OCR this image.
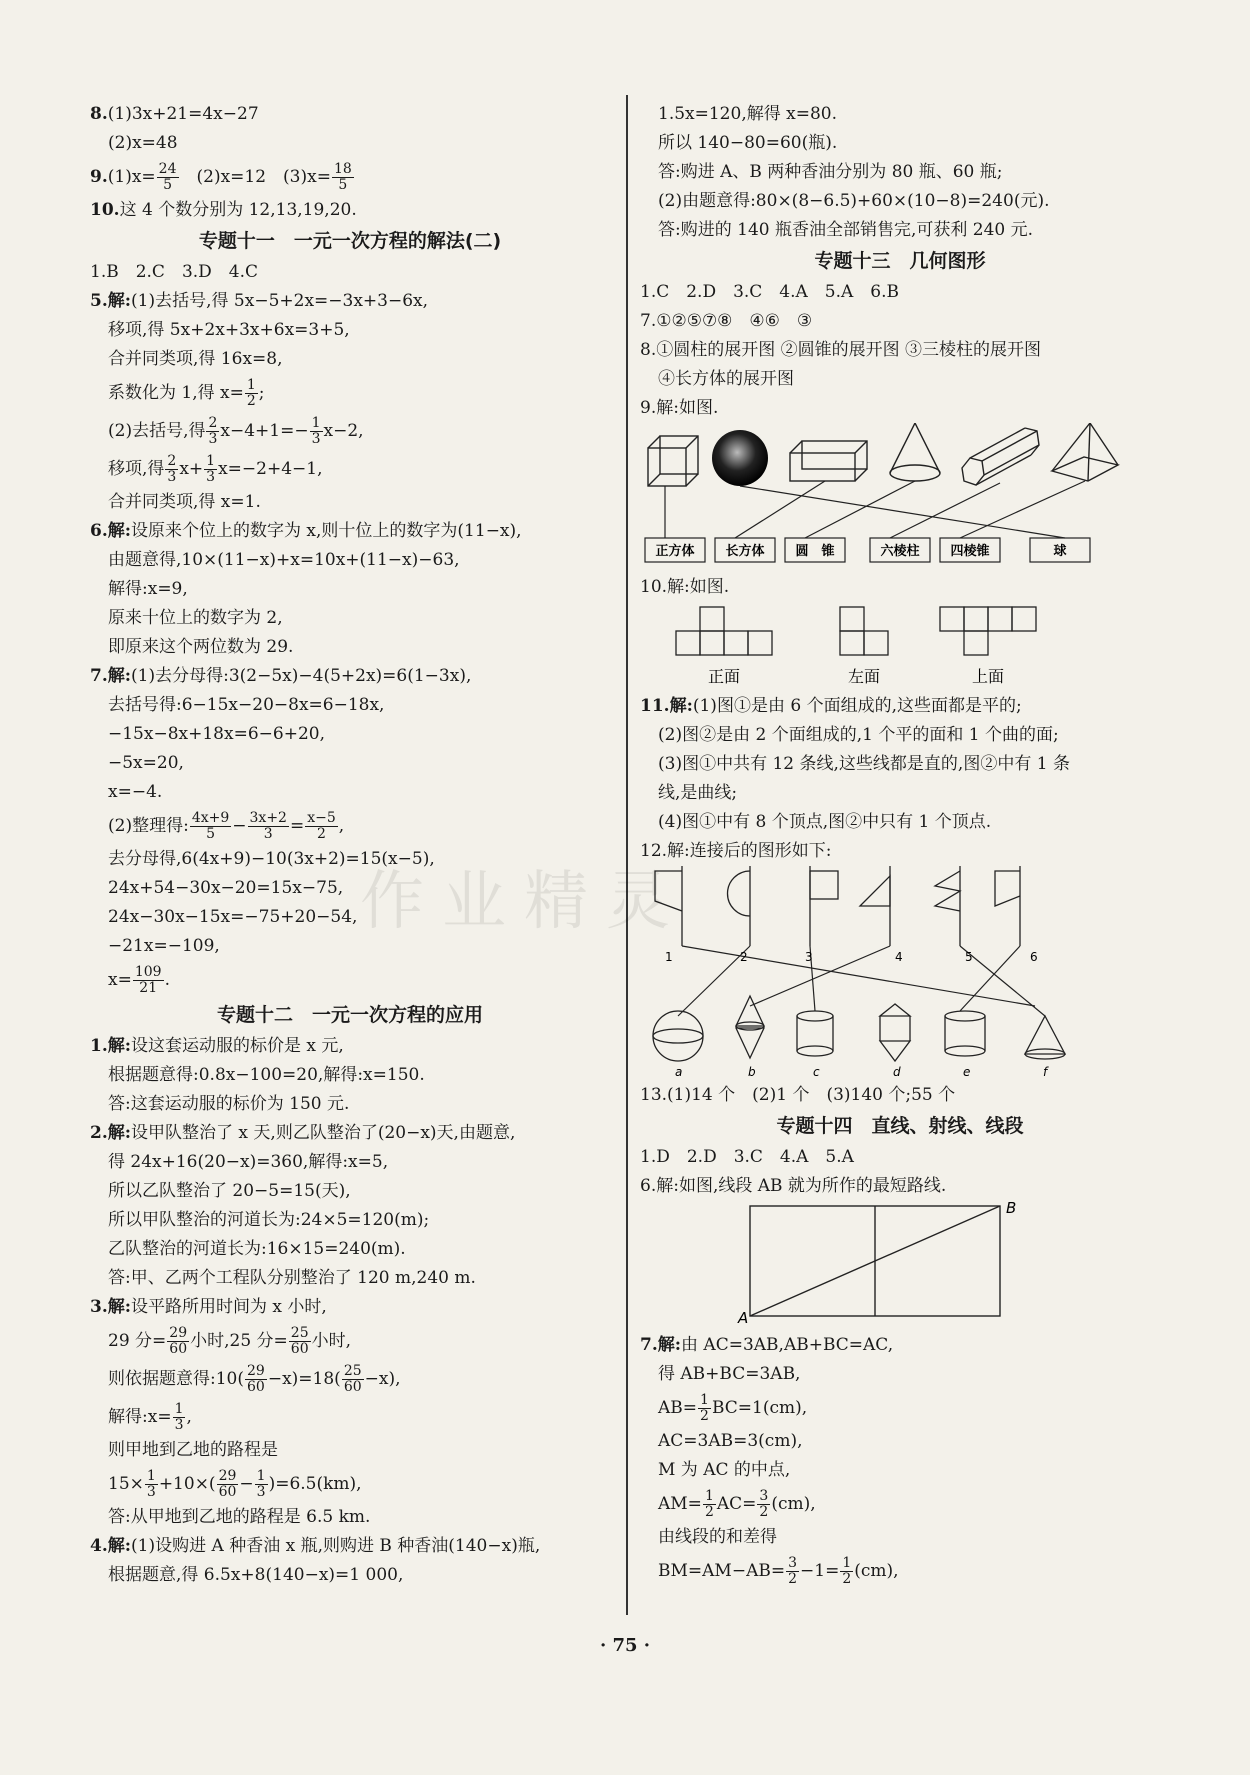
8.(1)3x+21=4x−27
(2)x=48
$9.(1)x= \frac{24}{5}$
　 (2)x=12　 $(3)x= \frac{18}{5}$
10.这 4 个数分别为 12,13,19,20.
专题十一　一元一次方程的解法(二)
1.B　2.C　3.D　4.C
5.解:(1)去括号,得 5x−5+2x=−3x+3−6x,
移项,得 5x+2x+3x+6x=3+5,
合并同类项,得 16x=8,
系数化为 1,得 $x= \frac{1}{2}$ ;
(2)去括号,得 $\frac{2}{3} x-4+1=- \frac{1}{3} x-2$,
移项,得 $\frac{2}{3} x+ \frac{1}{3} x=-2+4-1$,
合并同类项,得 x=1.
6.解:设原来个位上的数字为 x,则十位上的数字为(11−x),
由题意得,10×(11−x)+x=10x+(11−x)−63,
解得:x=9,
原来十位上的数字为 2,
即原来这个两位数为 29.
7.解:(1)去分母得:3(2−5x)−4(5+2x)=6(1−3x),
去括号得:6−15x−20−8x=6−18x,
−15x−8x+18x=6−6+20,
−5x=20,
x=−4.
(2)整理得: $\frac{4x+9}{5} - \frac{3x+2}{3} = \frac{x-5}{2}$ ,
去分母得,6(4x+9)−10(3x+2)=15(x−5),
24x+54−30x−20=15x−75,
24x−30x−15x=−75+20−54,
−21x=−109,
$x= \frac{109}{21}$ .
专题十二　一元一次方程的应用
1.解:设这套运动服的标价是 x 元,
根据题意得:0.8x−100=20,解得:x=150.
答:这套运动服的标价为 150 元.
2.解:设甲队整治了 x 天,则乙队整治了(20−x)天,由题意,
得 24x+16(20−x)=360,解得:x=5,
所以乙队整治了 20−5=15(天),
所以甲队整治的河道长为:24×5=120(m);
乙队整治的河道长为:16×15=240(m).
答:甲、乙两个工程队分别整治了 120 m,240 m.
3.解:设平路所用时间为 x 小时,
29 分= $\frac{29}{60}$ 小时,25 分= $\frac{25}{60}$ 小时,
则依据题意得:10( $\frac{29}{60} -x)=18( \frac{25}{60} -x)$,
解得:x= $\frac{1}{3}$ ,
则甲地到乙地的路程是
$15\times \frac{1}{3} +10\times( \frac{29}{60} - \frac{1}{3} )=6.5(km)$,
答:从甲地到乙地的路程是 6.5 km.
4.解:(1)设购进 A 种香油 x 瓶,则购进 B 种香油(140−x)瓶,
根据题意,得 6.5x+8(140−x)=1 000,
1.5x=120,解得 x=80.
所以 140−80=60(瓶).
答:购进 A、B 两种香油分别为 80 瓶、60 瓶;
(2)由题意得:80×(8−6.5)+60×(10−8)=240(元).
答:购进的 140 瓶香油全部销售完,可获利 240 元.
专题十三　几何图形
1.C　2.D　3.C　4.A　5.A　6.B
7.①②⑤⑦⑧　④⑥　③
8.①圆柱的展开图 ②圆锥的展开图 ③三棱柱的展开图
④长方体的展开图
9.解:如图.
正方体 长方体 圆　锥	六棱柱 四棱锥	球
10.解:如图.
正面	左面	上面
11.解:(1)图①是由 6 个面组成的,这些面都是平的;
(2)图②是由 2 个面组成的,1 个平的面和 1 个曲的面;
(3)图①中共有 12 条线,这些线都是直的,图②中有 1 条
线,是曲线;
(4)图①中有 8 个顶点,图②中只有 1 个顶点.
12.解:连接后的图形如下:
1	2	3	4	5	6
a	b	c	d	e	f
13.(1)14 个　(2)1 个　(3)140 个;55 个
专题十四　直线、射线、线段
1.D　2.D　3.C　4.A　5.A
6.解:如图,线段 AB 就为所作的最短路线.
A
B
7.解:由 AC=3AB,AB+BC=AC,
得 AB+BC=3AB,
$AB= \frac{1}{2} BC=1(cm)$,
AC=3AB=3(cm),
M 为 AC 的中点,
$AM= \frac{1}{2} AC= \frac{3}{2} (cm)$,
由线段的和差得
$BM=AM-AB= \frac{3}{2} -1= \frac{1}{2} (cm)$,
作业精灵
· 75 ·
